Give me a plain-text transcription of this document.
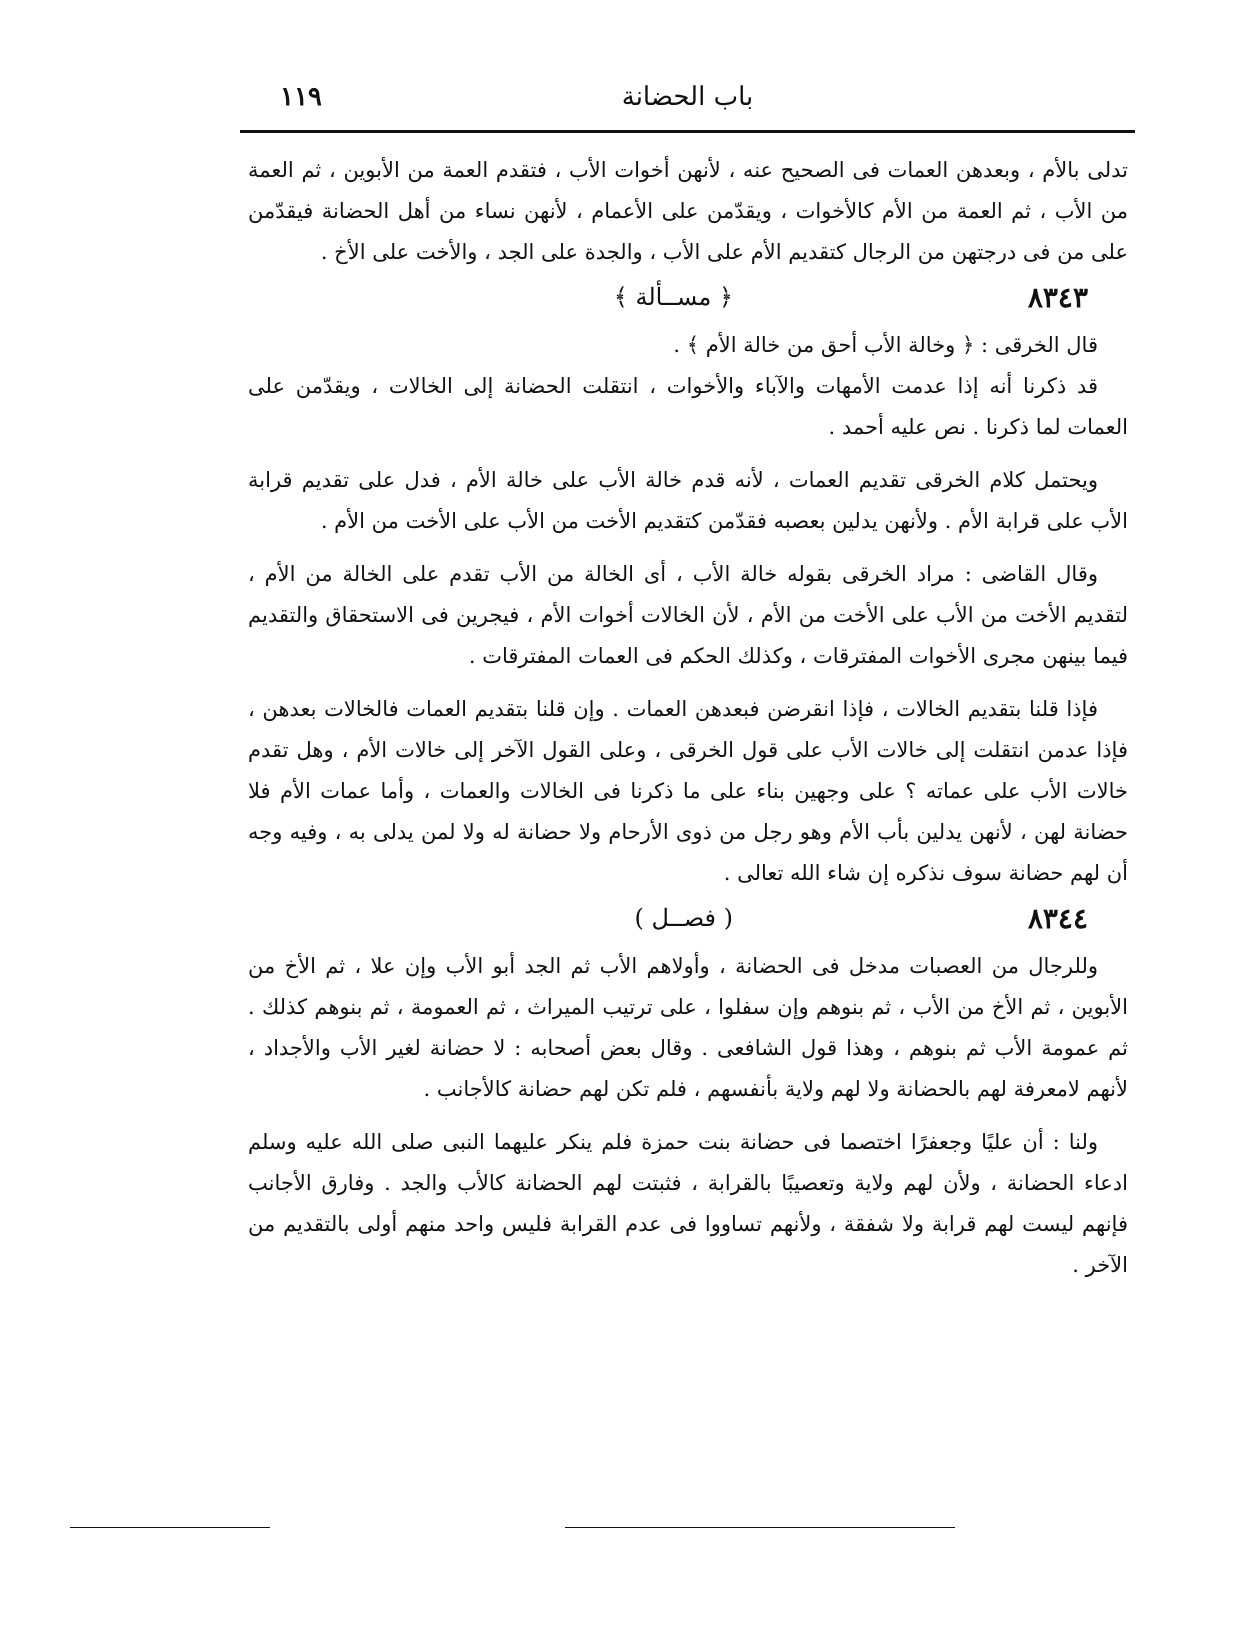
باب الحضانة
١١٩

تدلى بالأم ، وبعدهن العمات فى الصحيح عنه ، لأنهن أخوات الأب ، فتقدم العمة من الأبوين ، ثم العمة من الأب ، ثم العمة من الأم كالأخوات ، ويقدّمن على الأعمام ، لأنهن نساء من أهل الحضانة فيقدّمن على من فى درجتهن من الرجال كتقديم الأم على الأب ، والجدة على الجد ، والأخت على الأخ .

٨٣٤٣
﴿ مســألة ﴾

قال الخرقى : ﴿ وخالة الأب أحق من خالة الأم ﴾ .

قد ذكرنا أنه إذا عدمت الأمهات والآباء والأخوات ، انتقلت الحضانة إلى الخالات ، ويقدّمن على العمات لما ذكرنا . نص عليه أحمد .

ويحتمل كلام الخرقى تقديم العمات ، لأنه قدم خالة الأب على خالة الأم ، فدل على تقديم قرابة الأب على قرابة الأم . ولأنهن يدلين بعصبه فقدّمن كتقديم الأخت من الأب على الأخت من الأم .

وقال القاضى : مراد الخرقى بقوله خالة الأب ، أى الخالة من الأب تقدم على الخالة من الأم ، لتقديم الأخت من الأب على الأخت من الأم ، لأن الخالات أخوات الأم ، فيجرين فى الاستحقاق والتقديم فيما بينهن مجرى الأخوات المفترقات ، وكذلك الحكم فى العمات المفترقات .

فإذا قلنا بتقديم الخالات ، فإذا انقرضن فبعدهن العمات . وإن قلنا بتقديم العمات فالخالات بعدهن ، فإذا عدمن انتقلت إلى خالات الأب على قول الخرقى ، وعلى القول الآخر إلى خالات الأم ، وهل تقدم خالات الأب على عماته ؟ على وجهين بناء على ما ذكرنا فى الخالات والعمات ، وأما عمات الأم فلا حضانة لهن ، لأنهن يدلين بأب الأم وهو رجل من ذوى الأرحام ولا حضانة له ولا لمن يدلى به ، وفيه وجه أن لهم حضانة سوف نذكره إن شاء الله تعالى .

٨٣٤٤
( فصــل )

وللرجال من العصبات مدخل فى الحضانة ، وأولاهم الأب ثم الجد أبو الأب وإن علا ، ثم الأخ من الأبوين ، ثم الأخ من الأب ، ثم بنوهم وإن سفلوا ، على ترتيب الميراث ، ثم العمومة ، ثم بنوهم كذلك . ثم عمومة الأب ثم بنوهم ، وهذا قول الشافعى . وقال بعض أصحابه : لا حضانة لغير الأب والأجداد ، لأنهم لامعرفة لهم بالحضانة ولا لهم ولاية بأنفسهم ، فلم تكن لهم حضانة كالأجانب .

ولنا : أن عليًا وجعفرًا اختصما فى حضانة بنت حمزة فلم ينكر عليهما النبى صلى الله عليه وسلم ادعاء الحضانة ، ولأن لهم ولاية وتعصيبًا بالقرابة ، فثبتت لهم الحضانة كالأب والجد . وفارق الأجانب فإنهم ليست لهم قرابة ولا شفقة ، ولأنهم تساووا فى عدم القرابة فليس واحد منهم أولى بالتقديم من الآخر .
